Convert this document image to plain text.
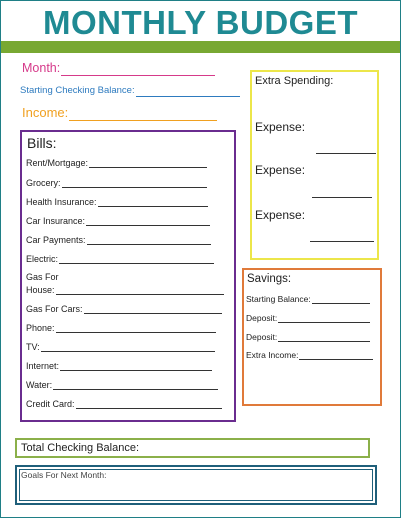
MONTHLY BUDGET
Month:
Starting Checking Balance:
Income:
Bills:
Rent/Mortgage:
Grocery:
Health Insurance:
Car Insurance:
Car Payments:
Electric:
Gas For
House:
Gas For Cars:
Phone:
TV:
Internet:
Water:
Credit Card:
Extra Spending:
Expense:
Expense:
Expense:
Savings:
Starting Balance:
Deposit:
Deposit:
Extra Income:
Total Checking Balance:
Goals For Next Month:
